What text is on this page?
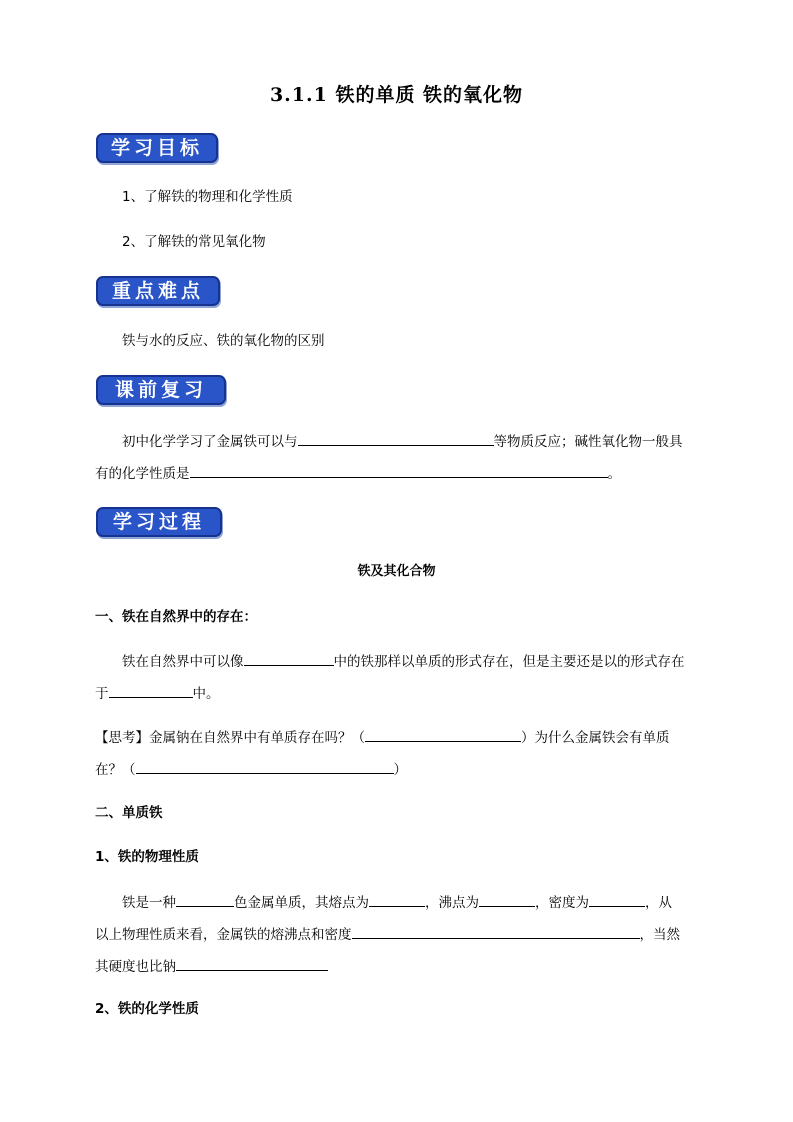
3.1.1 铁的单质 铁的氧化物
学习目标
1、了解铁的物理和化学性质
2、了解铁的常见氧化物
重点难点
铁与水的反应、铁的氧化物的区别
课前复习
初中化学学习了金属铁可以与	等物质反应；碱性氧化物一般具
有的化学性质是	。
学习过程
铁及其化合物
一、铁在自然界中的存在：
铁在自然界中可以像	中的铁那样以单质的形式存在，但是主要还是以的形式存在
于	中。
【思考】金属钠在自然界中有单质存在吗？（	）为什么金属铁会有单质
在？（	）
二、单质铁
1、铁的物理性质
铁是一种	色金属单质，其熔点为	，沸点为	，密度为	，从
以上物理性质来看，金属铁的熔沸点和密度	，当然
其硬度也比钠
2、铁的化学性质
